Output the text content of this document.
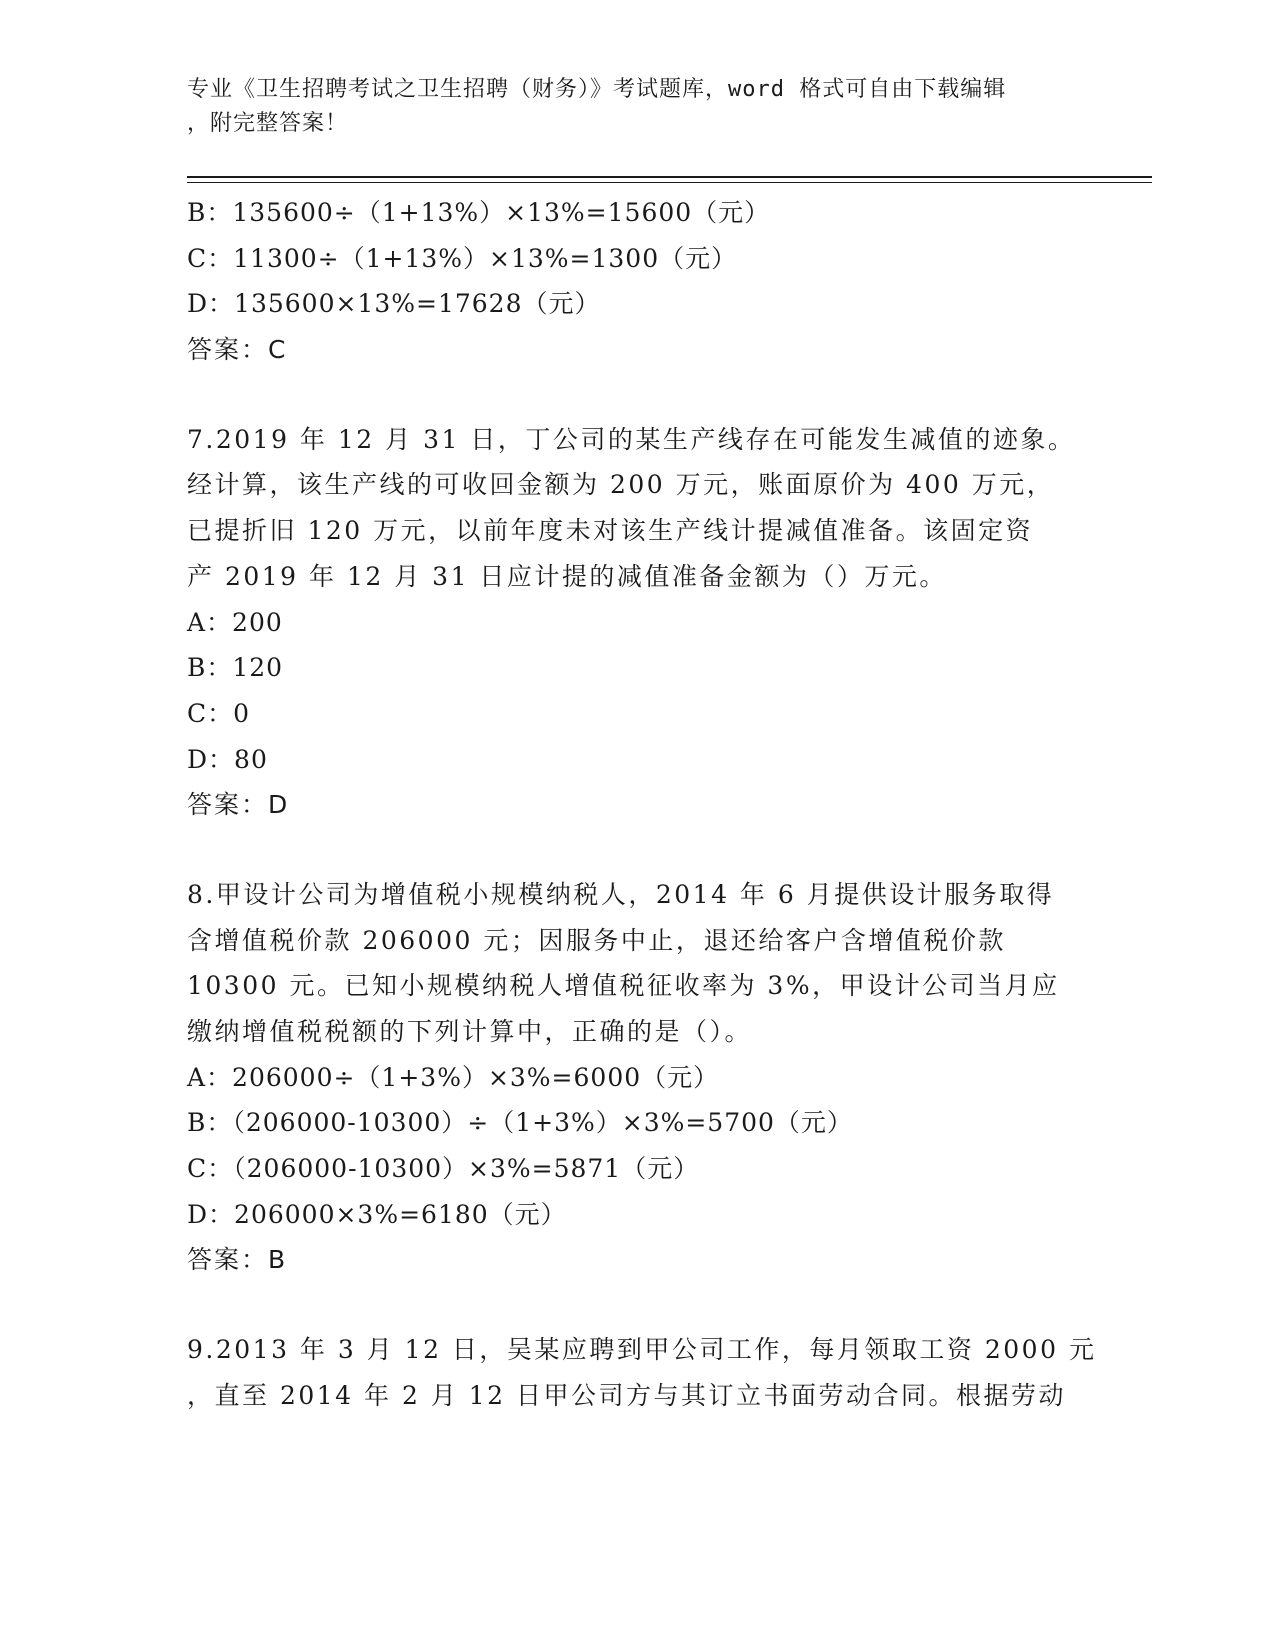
专业《卫生招聘考试之卫生招聘（财务）》考试题库，word 格式可自由下载编辑
，附完整答案！
B：135600÷（1+13%）×13%=15600（元）
C：11300÷（1+13%）×13%=1300（元）
D：135600×13%=17628（元）
答案：C
7.2019 年 12 月 31 日，丁公司的某生产线存在可能发生减值的迹象。
经计算，该生产线的可收回金额为 200 万元，账面原价为 400 万元，
已提折旧 120 万元，以前年度未对该生产线计提减值准备。该固定资
产 2019 年 12 月 31 日应计提的减值准备金额为（）万元。
A：200
B：120
C：0
D：80
答案：D
8.甲设计公司为增值税小规模纳税人，2014 年 6 月提供设计服务取得
含增值税价款 206000 元；因服务中止，退还给客户含增值税价款
10300 元。已知小规模纳税人增值税征收率为 3%，甲设计公司当月应
缴纳增值税税额的下列计算中，正确的是（）。
A：206000÷（1+3%）×3%=6000（元）
B：（206000-10300）÷（1+3%）×3%=5700（元）
C：（206000-10300）×3%=5871（元）
D：206000×3%=6180（元）
答案：B
9.2013 年 3 月 12 日，吴某应聘到甲公司工作，每月领取工资 2000 元
，直至 2014 年 2 月 12 日甲公司方与其订立书面劳动合同。根据劳动
